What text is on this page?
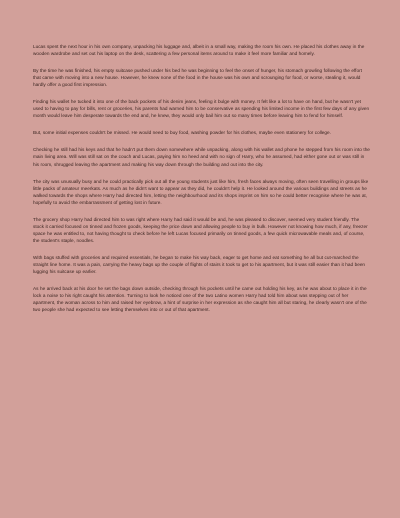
Lucas spent the next hour in his own company, unpacking his luggage and, albeit in a small way, making the room his own. He placed his clothes away in the wooden wardrobe and set out his laptop on the desk, scattering a few personal items around to make it feel more familiar and homely.

By the time he was finished, his empty suitcase pushed under his bed he was beginning to feel the onset of hunger, his stomach growling following the effort that came with moving into a new house. However, he knew none of the food in the house was his own and scrounging for food, or worse, stealing it, would hardly offer a good first impression.

Finding his wallet he tucked it into one of the back pockets of his denim jeans, feeling it bulge with money. It felt like a lot to have on hand, but he wasn't yet used to having to pay for bills, rent or groceries, his parents had warned him to be conservative as spending his limited income in the first few days of any given month would leave him desperate towards the end and, he knew, they would only bail him out so many times before leaving him to fend for himself.

But, some initial expenses couldn't be missed. He would need to buy food, washing powder for his clothes, maybe even stationery for college.

Checking he still had his keys and that he hadn't put them down somewhere while unpacking, along with his wallet and phone he stepped from his room into the main living area. Will was still sat on the couch and Lucas, paying him no heed and with no sign of Harry, who he assumed, had either gone out or was still in his room, shrugged leaving the apartment and making his way down through the building and out into the city.

The city was unusually busy and he could practically pick out all the young students just like him, fresh faces always moving, often seen travelling in groups like little packs of amateur meerkats. As much as he didn't want to appear as they did, he couldn't help it. He looked around the various buildings and streets as he walked towards the shops where Harry had directed him, letting the neighbourhood and its shops imprint on him so he could better recognise where he was at, hopefully to avoid the embarrassment of getting lost in future.

The grocery shop Harry had directed him to was right where Harry had said it would be and, he was pleased to discover, seemed very student friendly. The stock it carried focused on tinned and frozen goods, keeping the price down and allowing people to buy in bulk. However not knowing how much, if any, freezer space he was entitled to, not having thought to check before he left Lucas focused primarily on tinned goods, a few quick microwavable meals and, of course, the student's staple, noodles.

With bags stuffed with groceries and required essentials, he began to make his way back, eager to get home and eat something he all but cut-marched the straight line home. It was a pain, carrying the heavy bags up the couple of flights of stairs it took to get to his apartment, but it was still easier than it had been lugging his suitcase up earlier.

As he arrived back at his door he set the bags down outside, checking through his pockets until he came out holding his key, as he was about to place it in the lock a noise to his right caught his attention. Turning to look he noticed one of the two Latino women Harry had told him about was stepping out of her apartment, the woman across to him and raised her eyebrow, a hint of surprise in her expression as she caught him all but staring, he clearly wasn't one of the two people she had expected to see letting themselves into or out of that apartment.
